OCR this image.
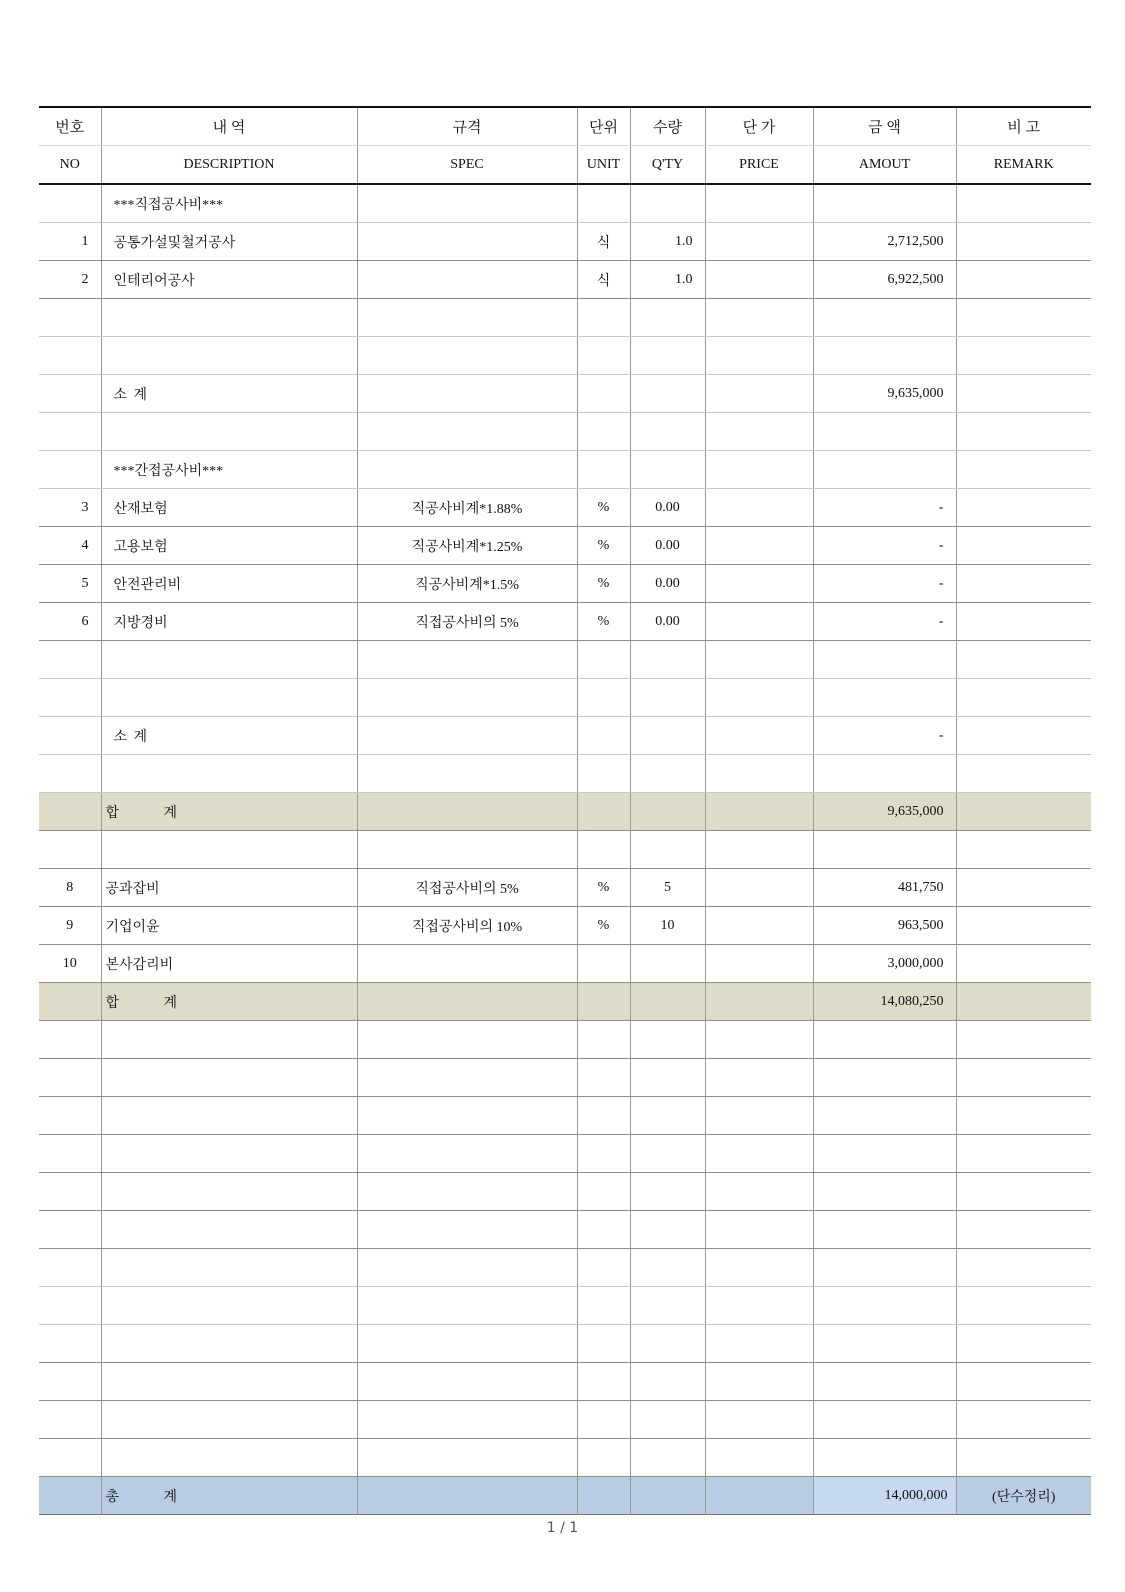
번호	내 역	규격	단위	수량	단 가	금 액	비 고
NO	DESCRIPTION	SPEC	UNIT	Q'TY	PRICE	AMOUT	REMARK
	***직접공사비***						
1	공통가설및철거공사		식	1.0		2,712,500	
2	인테리어공사		식	1.0		6,922,500	

	소 계					9,635,000	

	***간접공사비***						
3	산재보험	직공사비계*1.88%	%	0.00		-	
4	고용보험	직공사비계*1.25%	%	0.00		-	
5	안전관리비	직공사비계*1.5%	%	0.00		-	
6	지방경비	직접공사비의 5%	%	0.00		-	

	소 계					-	

	합 계					9,635,000	

8	공과잡비	직접공사비의 5%	%	5		481,750	
9	기업이윤	직접공사비의 10%	%	10		963,500	
10	본사감리비					3,000,000	
	합 계					14,080,250	

	총 계					14,000,000	(단수정리)
1 / 1
